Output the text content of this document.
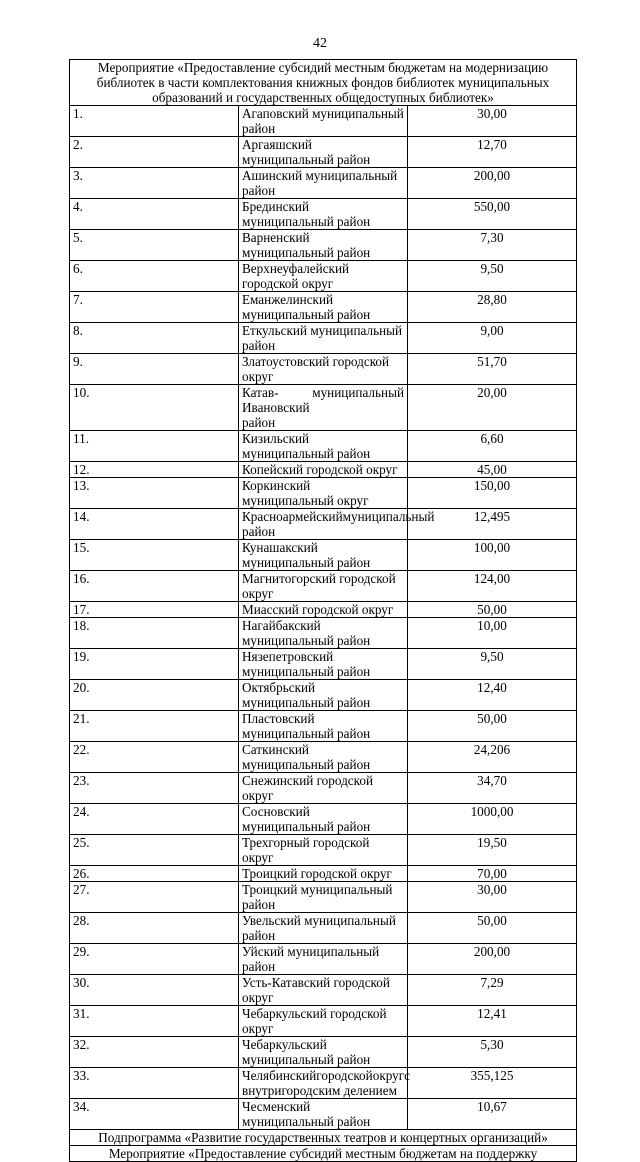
42
Мероприятие «Предоставление субсидий местным бюджетам на модернизацию библиотек в части комплектования книжных фондов библиотек муниципальных образований и государственных общедоступных библиотек»		
1.	Агаповский муниципальный район	30,00
2.	Аргаяшский муниципальный район	12,70
3.	Ашинский муниципальный район	200,00
4.	Брединский муниципальный район	550,00
5.	Варненский муниципальный район	7,30
6.	Верхнеуфалейский городской округ	9,50
7.	Еманжелинский муниципальный район	28,80
8.	Еткульский муниципальный район	9,00
9.	Златоустовский городской округ	51,70
10.	Катав-Ивановский
муниципальный
район	20,00
11.	Кизильский муниципальный район	6,60
12.	Копейский городской округ	45,00
13.	Коркинский муниципальный округ	150,00
14.	Красноармейский муниципальный
район	12,495
15.	Кунашакский муниципальный район	100,00
16.	Магнитогорский городской округ	124,00
17.	Миасский городской округ	50,00
18.	Нагайбакский муниципальный район	10,00
19.	Нязепетровский муниципальный район	9,50
20.	Октябрьский муниципальный район	12,40
21.	Пластовский муниципальный район	50,00
22.	Саткинский муниципальный район	24,206
23.	Снежинский городской округ	34,70
24.	Сосновский муниципальный район	1000,00
25.	Трехгорный городской округ	19,50
26.	Троицкий городской округ	70,00
27.	Троицкий муниципальный район	30,00
28.	Увельский муниципальный район	50,00
29.	Уйский муниципальный район	200,00
30.	Усть-Катавский городской округ	7,29
31.	Чебаркульский городской округ	12,41
32.	Чебаркульский муниципальный район	5,30
33.	Челябинский городской округ с
внутригородским делением	355,125
34.	Чесменский муниципальный район	10,67
Подпрограмма «Развитие государственных театров и концертных организаций»		
Мероприятие «Предоставление субсидий местным бюджетам на поддержку		
